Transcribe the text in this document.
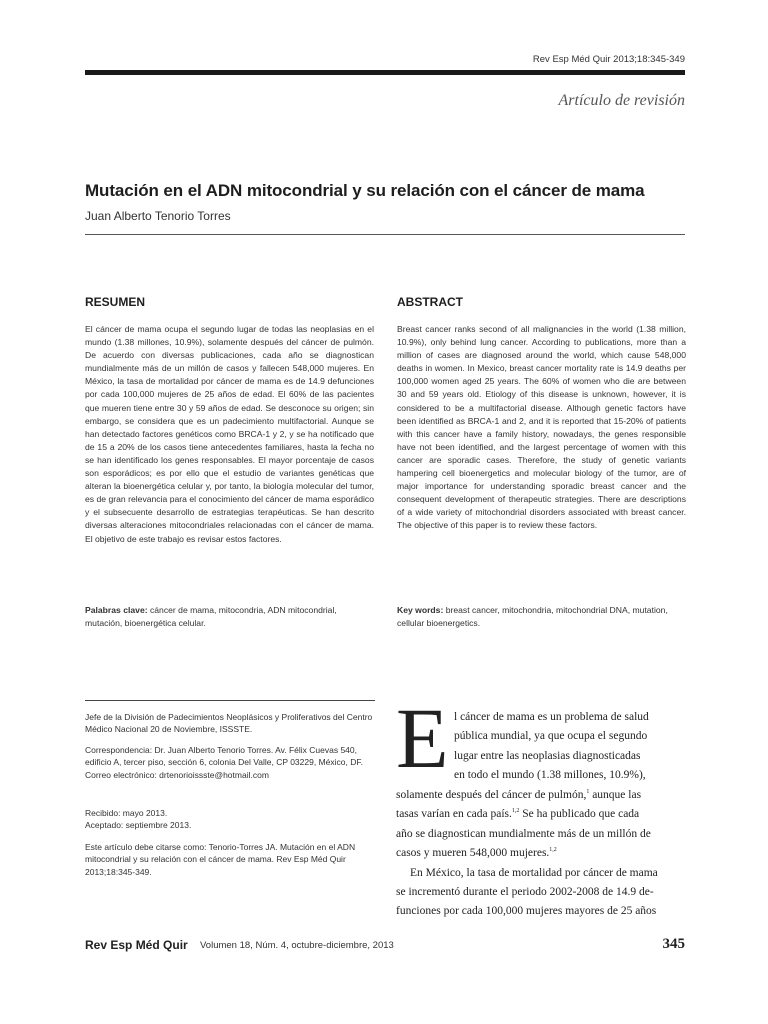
Rev Esp Méd Quir 2013;18:345-349
Artículo de revisión
Mutación en el ADN mitocondrial y su relación con el cáncer de mama
Juan Alberto Tenorio Torres
RESUMEN
El cáncer de mama ocupa el segundo lugar de todas las neoplasias en el mundo (1.38 millones, 10.9%), solamente después del cáncer de pulmón. De acuerdo con diversas publicaciones, cada año se diagnostican mundialmente más de un millón de casos y fallecen 548,000 mujeres. En México, la tasa de mortalidad por cáncer de mama es de 14.9 defunciones por cada 100,000 mujeres de 25 años de edad. El 60% de las pacientes que mueren tiene entre 30 y 59 años de edad. Se desconoce su origen; sin embargo, se considera que es un padecimiento multifactorial. Aunque se han detectado factores genéticos como BRCA-1 y 2, y se ha notificado que de 15 a 20% de los casos tiene antecedentes familiares, hasta la fecha no se han identificado los genes responsables. El mayor porcentaje de casos son esporádicos; es por ello que el estudio de variantes genéticas que alteran la bioenergética celular y, por tanto, la biología molecular del tumor, es de gran relevancia para el conocimiento del cáncer de mama esporádico y el subsecuente desarrollo de estrategias terapéuticas. Se han descrito diversas alteraciones mitocondriales relacionadas con el cáncer de mama. El objetivo de este trabajo es revisar estos factores.
Palabras clave: cáncer de mama, mitocondria, ADN mitocondrial, mutación, bioenergética celular.
ABSTRACT
Breast cancer ranks second of all malignancies in the world (1.38 million, 10.9%), only behind lung cancer. According to publications, more than a million of cases are diagnosed around the world, which cause 548,000 deaths in women. In Mexico, breast cancer mortality rate is 14.9 deaths per 100,000 women aged 25 years. The 60% of women who die are between 30 and 59 years old. Etiology of this disease is unknown, however, it is considered to be a multifactorial disease. Although genetic factors have been identified as BRCA-1 and 2, and it is reported that 15-20% of patients with this cancer have a family history, nowadays, the genes responsible have not been identified, and the largest percentage of women with this cancer are sporadic cases. Therefore, the study of genetic variants hampering cell bioenergetics and molecular biology of the tumor, are of major importance for understanding sporadic breast cancer and the consequent development of therapeutic strategies. There are descriptions of a wide variety of mitochondrial disorders associated with breast cancer. The objective of this paper is to review these factors.
Key words: breast cancer, mitochondria, mitochondrial DNA, mutation, cellular bioenergetics.
Jefe de la División de Padecimientos Neoplásicos y Proliferativos del Centro Médico Nacional 20 de Noviembre, ISSSTE.

Correspondencia: Dr. Juan Alberto Tenorio Torres. Av. Félix Cuevas 540, edificio A, tercer piso, sección 6, colonia Del Valle, CP 03229, México, DF.

Correo electrónico: drtenorioissste@hotmail.com

Recibido: mayo 2013.

Aceptado: septiembre 2013.

Este artículo debe citarse como: Tenorio-Torres JA. Mutación en el ADN mitocondrial y su relación con el cáncer de mama. Rev Esp Méd Quir 2013;18:345-349.
E l cáncer de mama es un problema de salud

pública mundial, ya que ocupa el segundo

lugar entre las neoplasias diagnosticadas

en todo el mundo (1.38 millones, 10.9%),

solamente después del cáncer de pulmón,$^1$ aunque las

tasas varían en cada país.$^{1,2}$ Se ha publicado que cada

año se diagnostican mundialmente más de un millón de

casos y mueren 548,000 mujeres.$^{1,2}$

En México, la tasa de mortalidad por cáncer de mama

se incrementó durante el periodo 2002-2008 de 14.9 de-

funciones por cada 100,000 mujeres mayores de 25 años

Rev Esp Méd Quir Volumen 18, Núm. 4, octubre-diciembre, 2013	345
